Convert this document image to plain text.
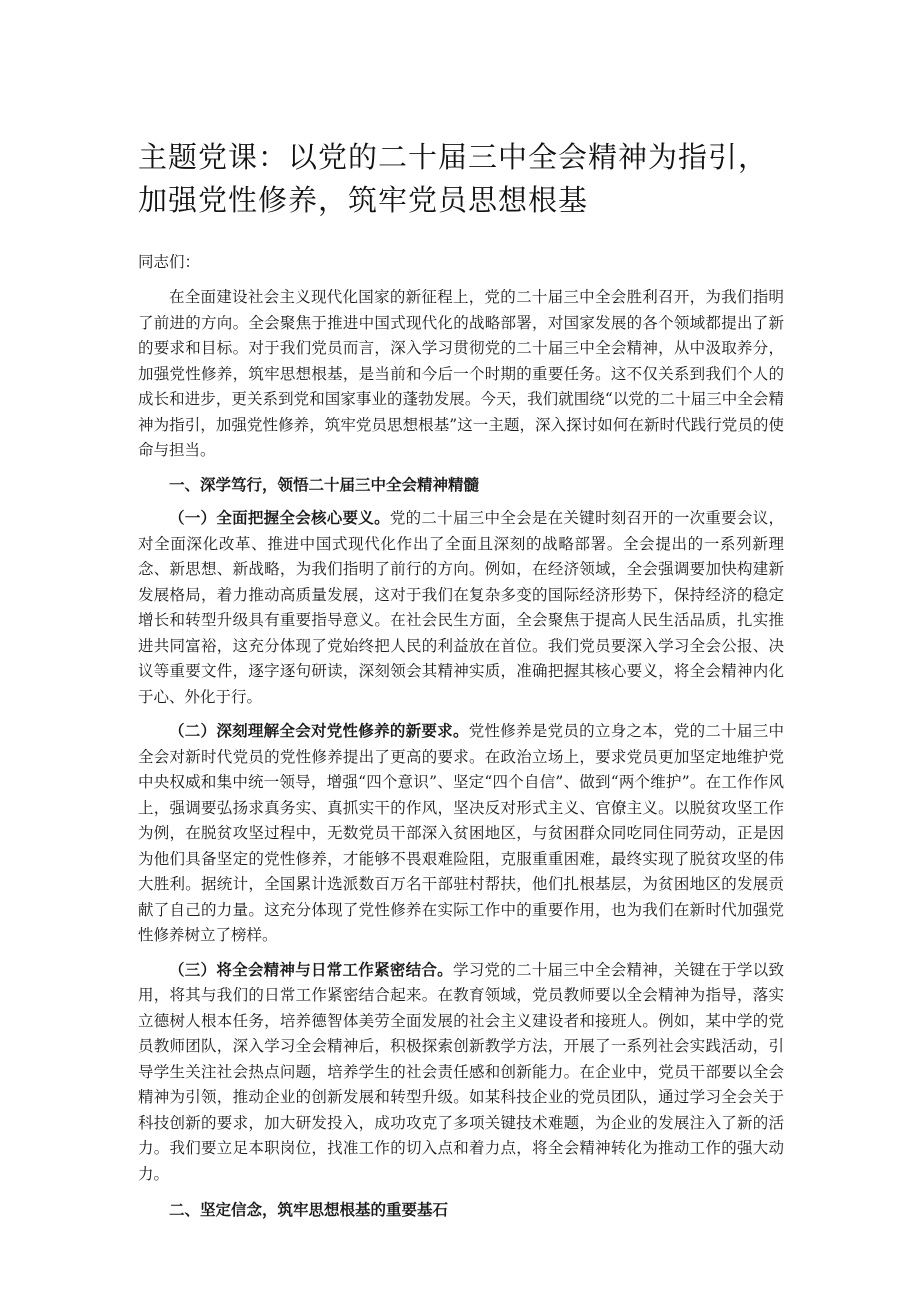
主题党课：以党的二十届三中全会精神为指引，加强党性修养，筑牢党员思想根基

同志们：

在全面建设社会主义现代化国家的新征程上，党的二十届三中全会胜利召开，为我们指明了前进的方向。全会聚焦于推进中国式现代化的战略部署，对国家发展的各个领域都提出了新的要求和目标。对于我们党员而言，深入学习贯彻党的二十届三中全会精神，从中汲取养分，加强党性修养，筑牢思想根基，是当前和今后一个时期的重要任务。这不仅关系到我们个人的成长和进步，更关系到党和国家事业的蓬勃发展。今天，我们就围绕“以党的二十届三中全会精神为指引，加强党性修养，筑牢党员思想根基”这一主题，深入探讨如何在新时代践行党员的使命与担当。

一、深学笃行，领悟二十届三中全会精神精髓

（一）全面把握全会核心要义。党的二十届三中全会是在关键时刻召开的一次重要会议，对全面深化改革、推进中国式现代化作出了全面且深刻的战略部署。全会提出的一系列新理念、新思想、新战略，为我们指明了前行的方向。例如，在经济领域，全会强调要加快构建新发展格局，着力推动高质量发展，这对于我们在复杂多变的国际经济形势下，保持经济的稳定增长和转型升级具有重要指导意义。在社会民生方面，全会聚焦于提高人民生活品质，扎实推进共同富裕，这充分体现了党始终把人民的利益放在首位。我们党员要深入学习全会公报、决议等重要文件，逐字逐句研读，深刻领会其精神实质，准确把握其核心要义，将全会精神内化于心、外化于行。

（二）深刻理解全会对党性修养的新要求。党性修养是党员的立身之本，党的二十届三中全会对新时代党员的党性修养提出了更高的要求。在政治立场上，要求党员更加坚定地维护党中央权威和集中统一领导，增强“四个意识”、坚定“四个自信”、做到“两个维护”。在工作作风上，强调要弘扬求真务实、真抓实干的作风，坚决反对形式主义、官僚主义。以脱贫攻坚工作为例，在脱贫攻坚过程中，无数党员干部深入贫困地区，与贫困群众同吃同住同劳动，正是因为他们具备坚定的党性修养，才能够不畏艰难险阻，克服重重困难，最终实现了脱贫攻坚的伟大胜利。据统计，全国累计选派数百万名干部驻村帮扶，他们扎根基层，为贫困地区的发展贡献了自己的力量。这充分体现了党性修养在实际工作中的重要作用，也为我们在新时代加强党性修养树立了榜样。

（三）将全会精神与日常工作紧密结合。学习党的二十届三中全会精神，关键在于学以致用，将其与我们的日常工作紧密结合起来。在教育领域，党员教师要以全会精神为指导，落实立德树人根本任务，培养德智体美劳全面发展的社会主义建设者和接班人。例如，某中学的党员教师团队，深入学习全会精神后，积极探索创新教学方法，开展了一系列社会实践活动，引导学生关注社会热点问题，培养学生的社会责任感和创新能力。在企业中，党员干部要以全会精神为引领，推动企业的创新发展和转型升级。如某科技企业的党员团队，通过学习全会关于科技创新的要求，加大研发投入，成功攻克了多项关键技术难题，为企业的发展注入了新的活力。我们要立足本职岗位，找准工作的切入点和着力点，将全会精神转化为推动工作的强大动力。

二、坚定信念，筑牢思想根基的重要基石
